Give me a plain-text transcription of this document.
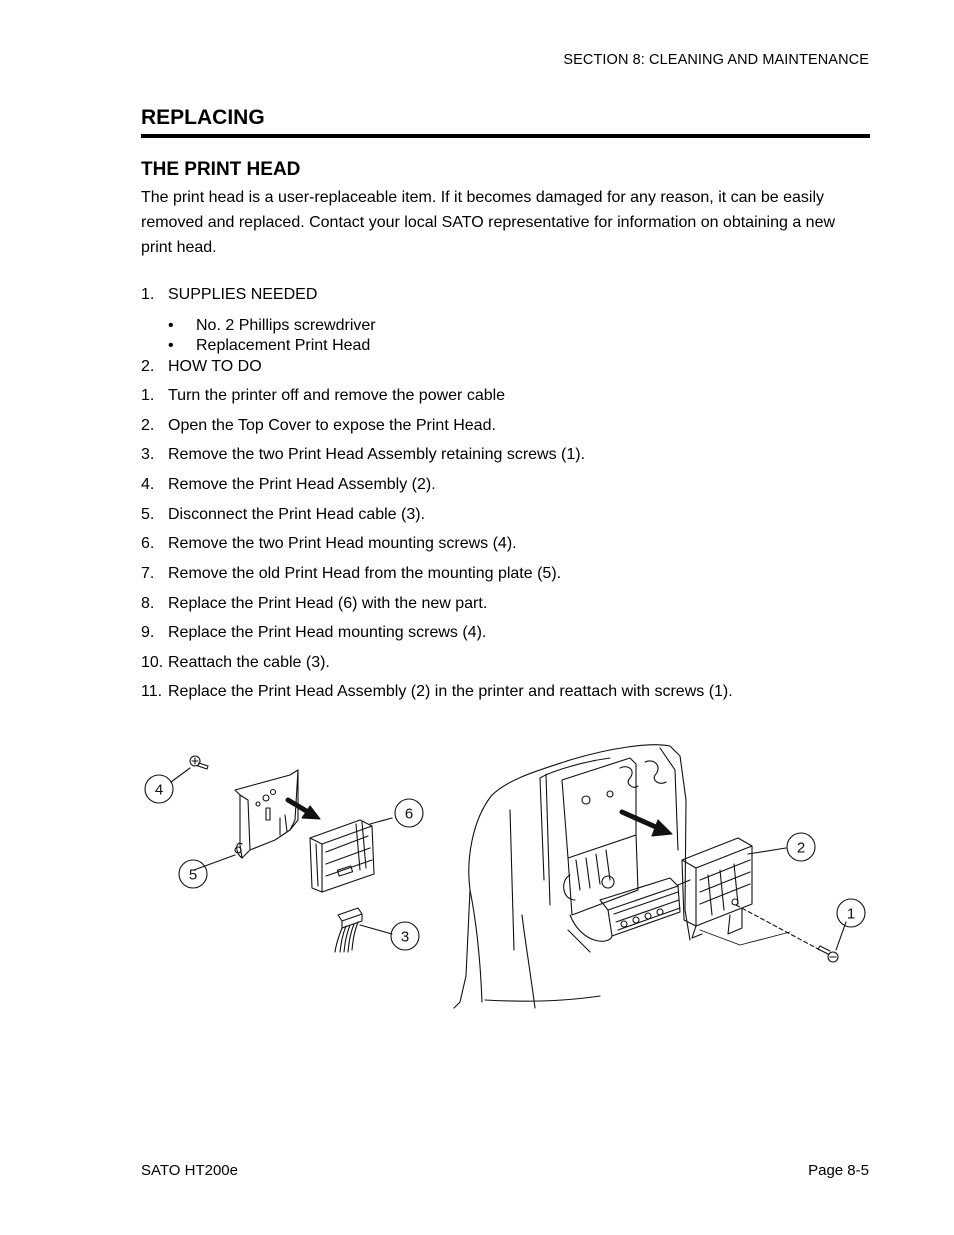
SECTION 8: CLEANING AND MAINTENANCE
REPLACING
THE PRINT HEAD

The print head is a user-replaceable item. If it becomes damaged for any reason, it can be easily removed and replaced. Contact your local SATO representative for information on obtaining a new print head.

1. SUPPLIES NEEDED
• No. 2 Phillips screwdriver
• Replacement Print Head
2. HOW TO DO
1. Turn the printer off and remove the power cable
2. Open the Top Cover to expose the Print Head.
3. Remove the two Print Head Assembly retaining screws (1).
4. Remove the Print Head Assembly (2).
5. Disconnect the Print Head cable (3).
6. Remove the two Print Head mounting screws (4).
7. Remove the old Print Head from the mounting plate (5).
8. Replace the Print Head (6) with the new part.
9. Replace the Print Head mounting screws (4).
10. Reattach the cable (3).
11. Replace the Print Head Assembly (2) in the printer and reattach with screws (1).
4
6
5
3
2
1
SATO HT200e	Page 8-5
